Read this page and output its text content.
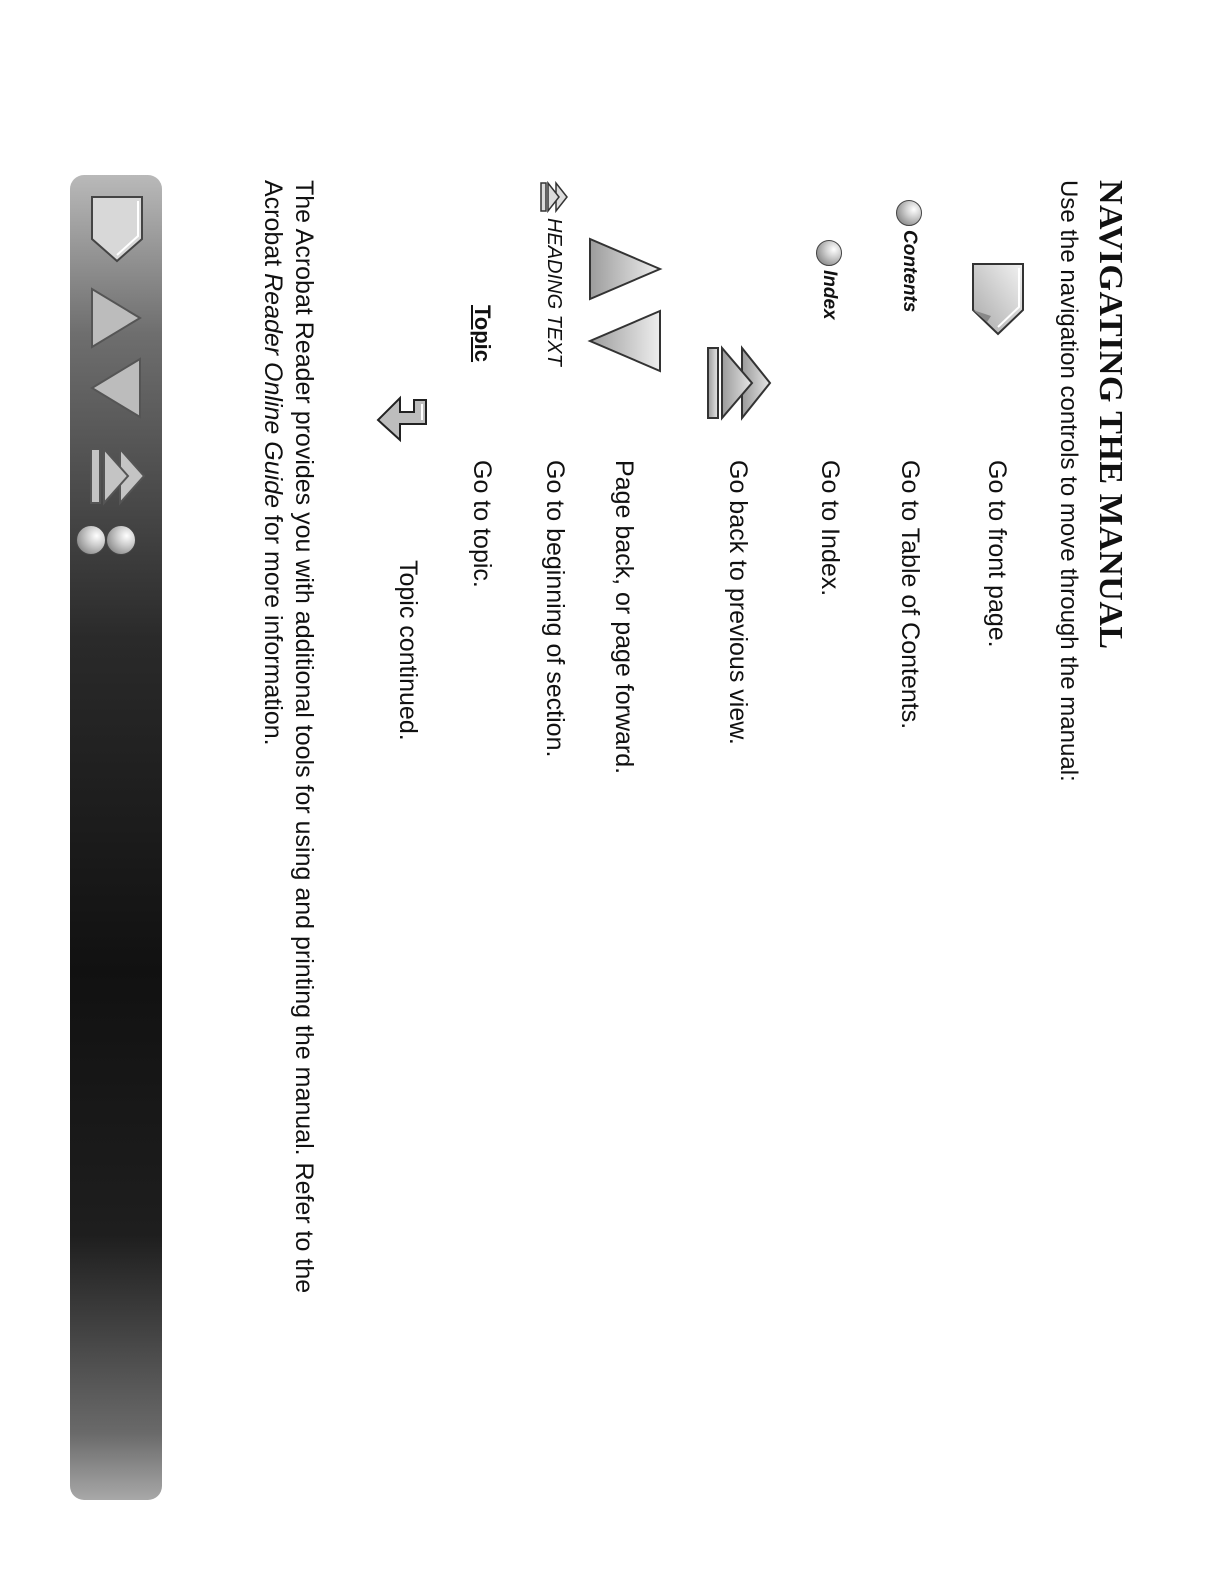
NAVIGATING THE MANUAL

Use the navigation controls to move through the manual:

Go to front page.
Contents
Go to Table of Contents.
Index
Go to Index.
Go back to previous view.
Page back, or page forward.
HEADING TEXT
Go to beginning of section.
Topic
Go to topic.
Topic continued.

The Acrobat Reader provides you with additional tools for using and printing the manual. Refer to the Acrobat Reader Online Guide for more information.
